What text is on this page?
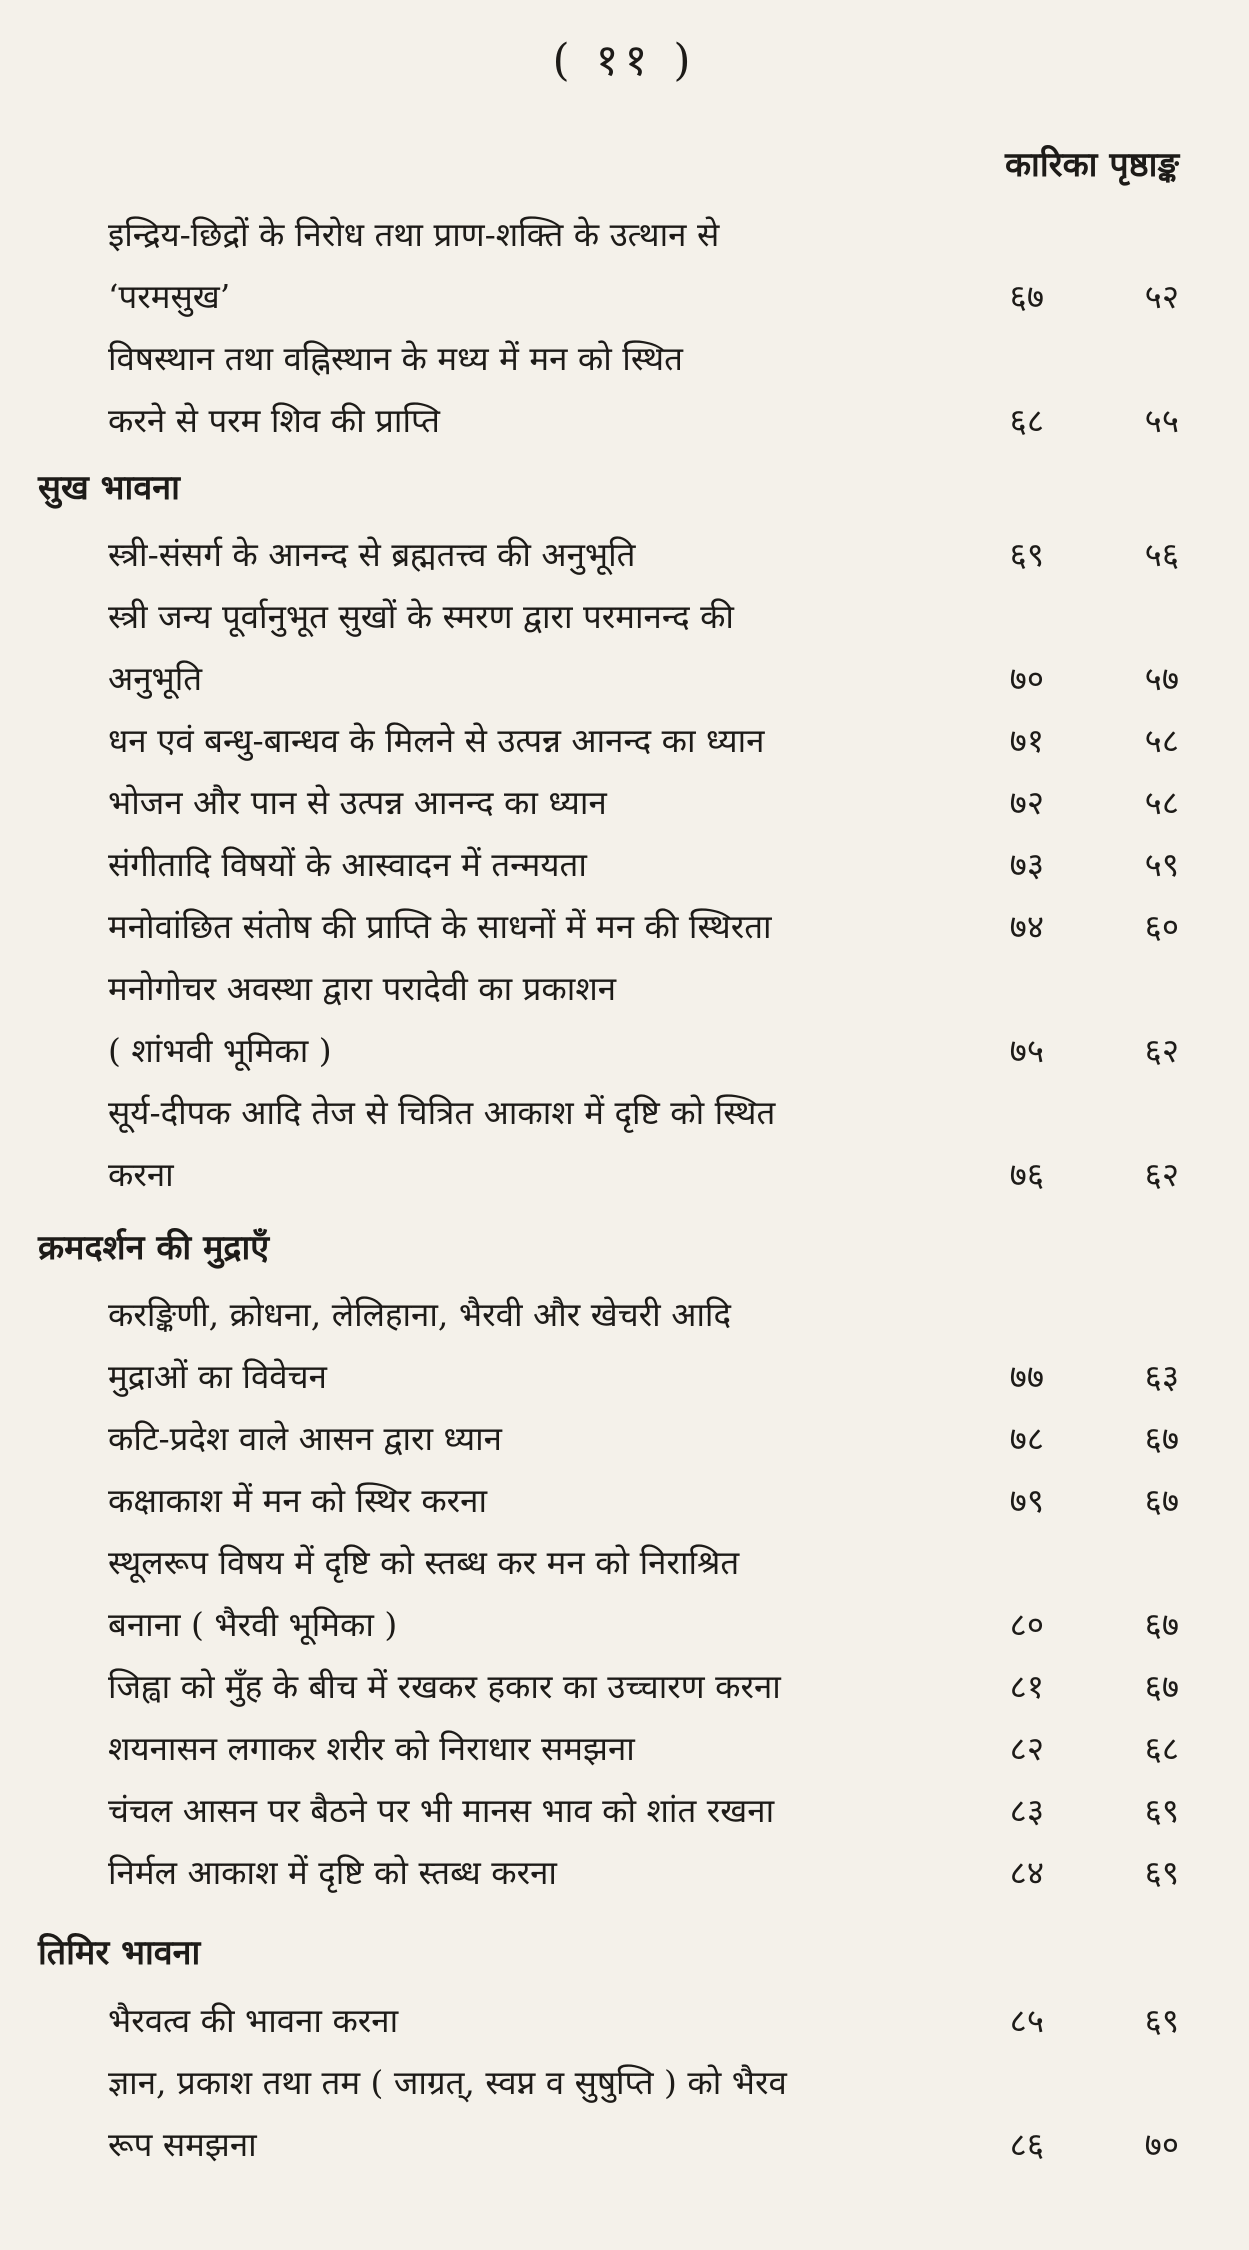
( ११ )
कारिका पृष्ठाङ्क
इन्द्रिय-छिद्रों के निरोध तथा प्राण-शक्ति के उत्थान से
‘परमसुख’	६७	५२
विषस्थान तथा वह्निस्थान के मध्य में मन को स्थित
करने से परम शिव की प्राप्ति	६८	५५
सुख भावना
स्त्री-संसर्ग के आनन्द से ब्रह्मतत्त्व की अनुभूति	६९	५६
स्त्री जन्य पूर्वानुभूत सुखों के स्मरण द्वारा परमानन्द की
अनुभूति	७०	५७
धन एवं बन्धु-बान्धव के मिलने से उत्पन्न आनन्द का ध्यान	७१	५८
भोजन और पान से उत्पन्न आनन्द का ध्यान	७२	५८
संगीतादि विषयों के आस्वादन में तन्मयता	७३	५९
मनोवांछित संतोष की प्राप्ति के साधनों में मन की स्थिरता	७४	६०
मनोगोचर अवस्था द्वारा परादेवी का प्रकाशन
( शांभवी भूमिका )	७५	६२
सूर्य-दीपक आदि तेज से चित्रित आकाश में दृष्टि को स्थित
करना	७६	६२
क्रमदर्शन की मुद्राएँ
करङ्किणी, क्रोधना, लेलिहाना, भैरवी और खेचरी आदि
मुद्राओं का विवेचन	७७	६३
कटि-प्रदेश वाले आसन द्वारा ध्यान	७८	६७
कक्षाकाश में मन को स्थिर करना	७९	६७
स्थूलरूप विषय में दृष्टि को स्तब्ध कर मन को निराश्रित
बनाना ( भैरवी भूमिका )	८०	६७
जिह्वा को मुँह के बीच में रखकर हकार का उच्चारण करना	८१	६७
शयनासन लगाकर शरीर को निराधार समझना	८२	६८
चंचल आसन पर बैठने पर भी मानस भाव को शांत रखना	८३	६९
निर्मल आकाश में दृष्टि को स्तब्ध करना	८४	६९
तिमिर भावना
भैरवत्व की भावना करना	८५	६९
ज्ञान, प्रकाश तथा तम ( जाग्रत्, स्वप्न व सुषुप्ति ) को भैरव
रूप समझना	८६	७०
